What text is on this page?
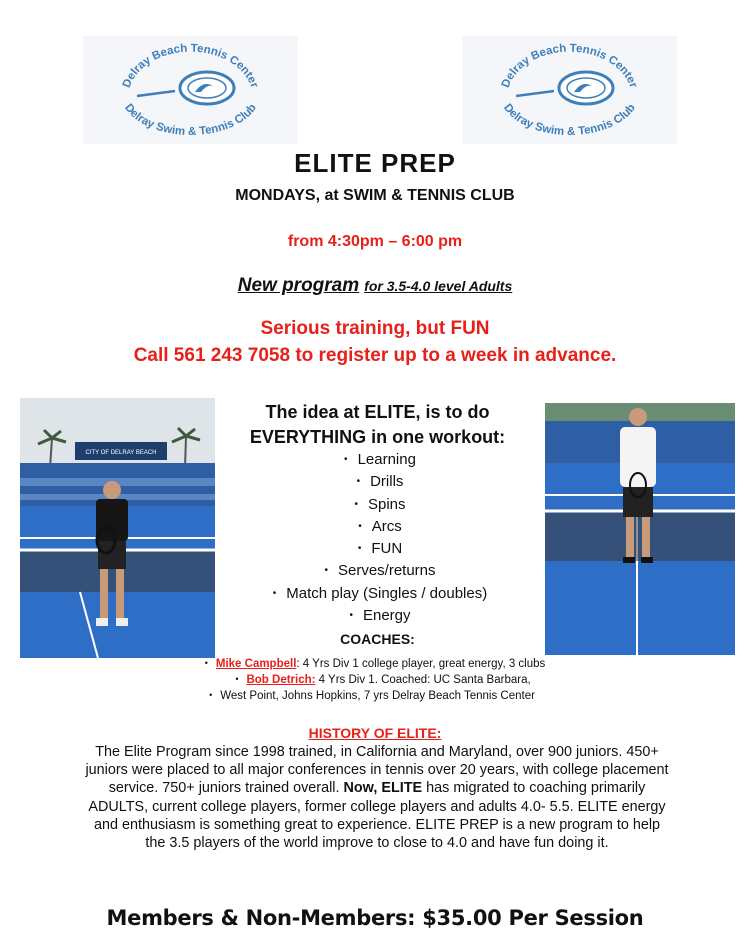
Delray Beach Tennis Center
Delray Swim & Tennis Club
Delray Beach Tennis Center
Delray Swim & Tennis Club
ELITE PREP
MONDAYS, at SWIM & TENNIS CLUB
from 4:30pm – 6:00 pm
New program for 3.5-4.0 level Adults
Serious training, but FUN
Call 561 243 7058 to register up to a week in advance.
CITY OF DELRAY BEACH
The idea at ELITE, is to do
EVERYTHING in one workout:
• Learning
• Drills
• Spins
• Arcs
• FUN
• Serves/returns
• Match play (Singles / doubles)
• Energy
COACHES:
• Mike Campbell: 4 Yrs Div 1 college player, great energy, 3 clubs
• Bob Detrich: 4 Yrs Div 1. Coached: UC Santa Barbara,
• West Point, Johns Hopkins, 7 yrs Delray Beach Tennis Center
HISTORY OF ELITE:
The Elite Program since 1998 trained, in California and Maryland, over 900 juniors. 450+ juniors were placed to all major conferences in tennis over 20 years, with college placement service. 750+ juniors trained overall. Now, ELITE has migrated to coaching primarily ADULTS, current college players, former college players and adults 4.0- 5.5. ELITE energy and enthusiasm is something great to experience. ELITE PREP is a new program to help the 3.5 players of the world improve to close to 4.0 and have fun doing it.
Members & Non-Members: $35.00 Per Session
